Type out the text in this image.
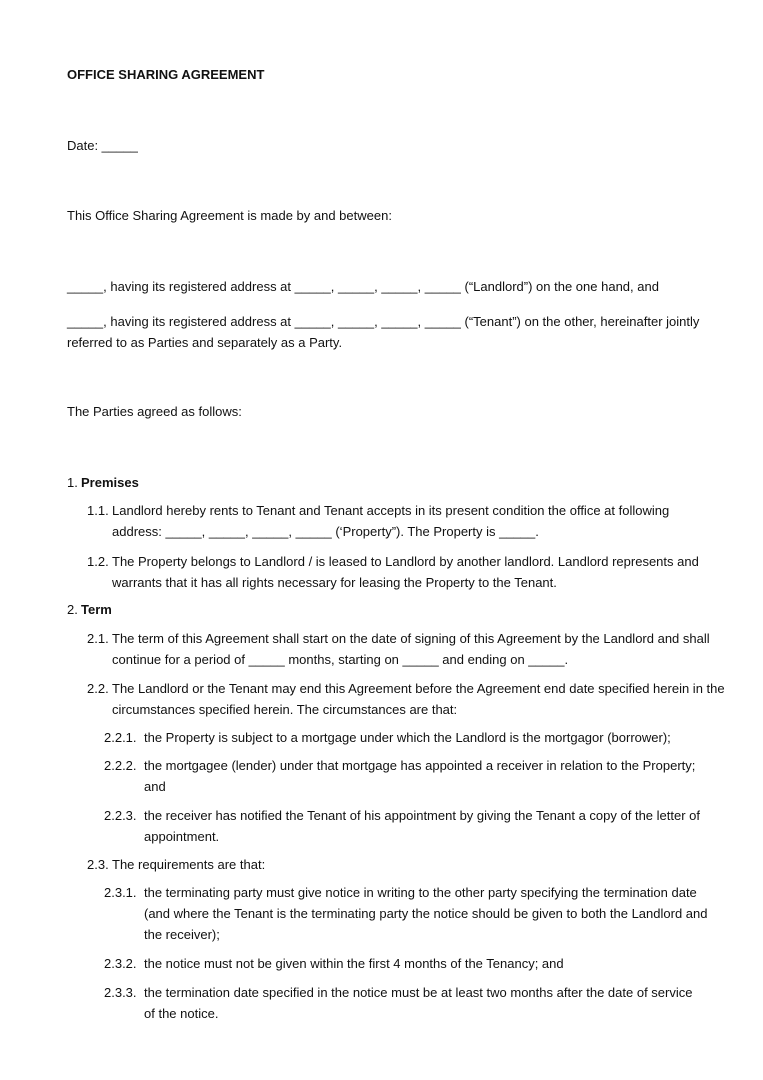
OFFICE SHARING AGREEMENT
Date: _____
This Office Sharing Agreement is made by and between:
_____, having its registered address at _____, _____, _____, _____ (“Landlord”) on the one hand, and
_____, having its registered address at _____, _____, _____, _____ (“Tenant”) on the other, hereinafter jointly referred to as Parties and separately as a Party.
The Parties agreed as follows:
1. Premises
1.1. Landlord hereby rents to Tenant and Tenant accepts in its present condition the office at following address: _____, _____, _____, _____ (‘Property”). The Property is _____.
1.2. The Property belongs to Landlord / is leased to Landlord by another landlord. Landlord represents and warrants that it has all rights necessary for leasing the Property to the Tenant.
2. Term
2.1. The term of this Agreement shall start on the date of signing of this Agreement by the Landlord and shall continue for a period of _____ months, starting on _____ and ending on _____.
2.2. The Landlord or the Tenant may end this Agreement before the Agreement end date specified herein in the circumstances specified herein. The circumstances are that:
2.2.1. the Property is subject to a mortgage under which the Landlord is the mortgagor (borrower);
2.2.2. the mortgagee (lender) under that mortgage has appointed a receiver in relation to the Property; and
2.2.3. the receiver has notified the Tenant of his appointment by giving the Tenant a copy of the letter of appointment.
2.3. The requirements are that:
2.3.1. the terminating party must give notice in writing to the other party specifying the termination date (and where the Tenant is the terminating party the notice should be given to both the Landlord and the receiver);
2.3.2. the notice must not be given within the first 4 months of the Tenancy; and
2.3.3. the termination date specified in the notice must be at least two months after the date of service of the notice.
